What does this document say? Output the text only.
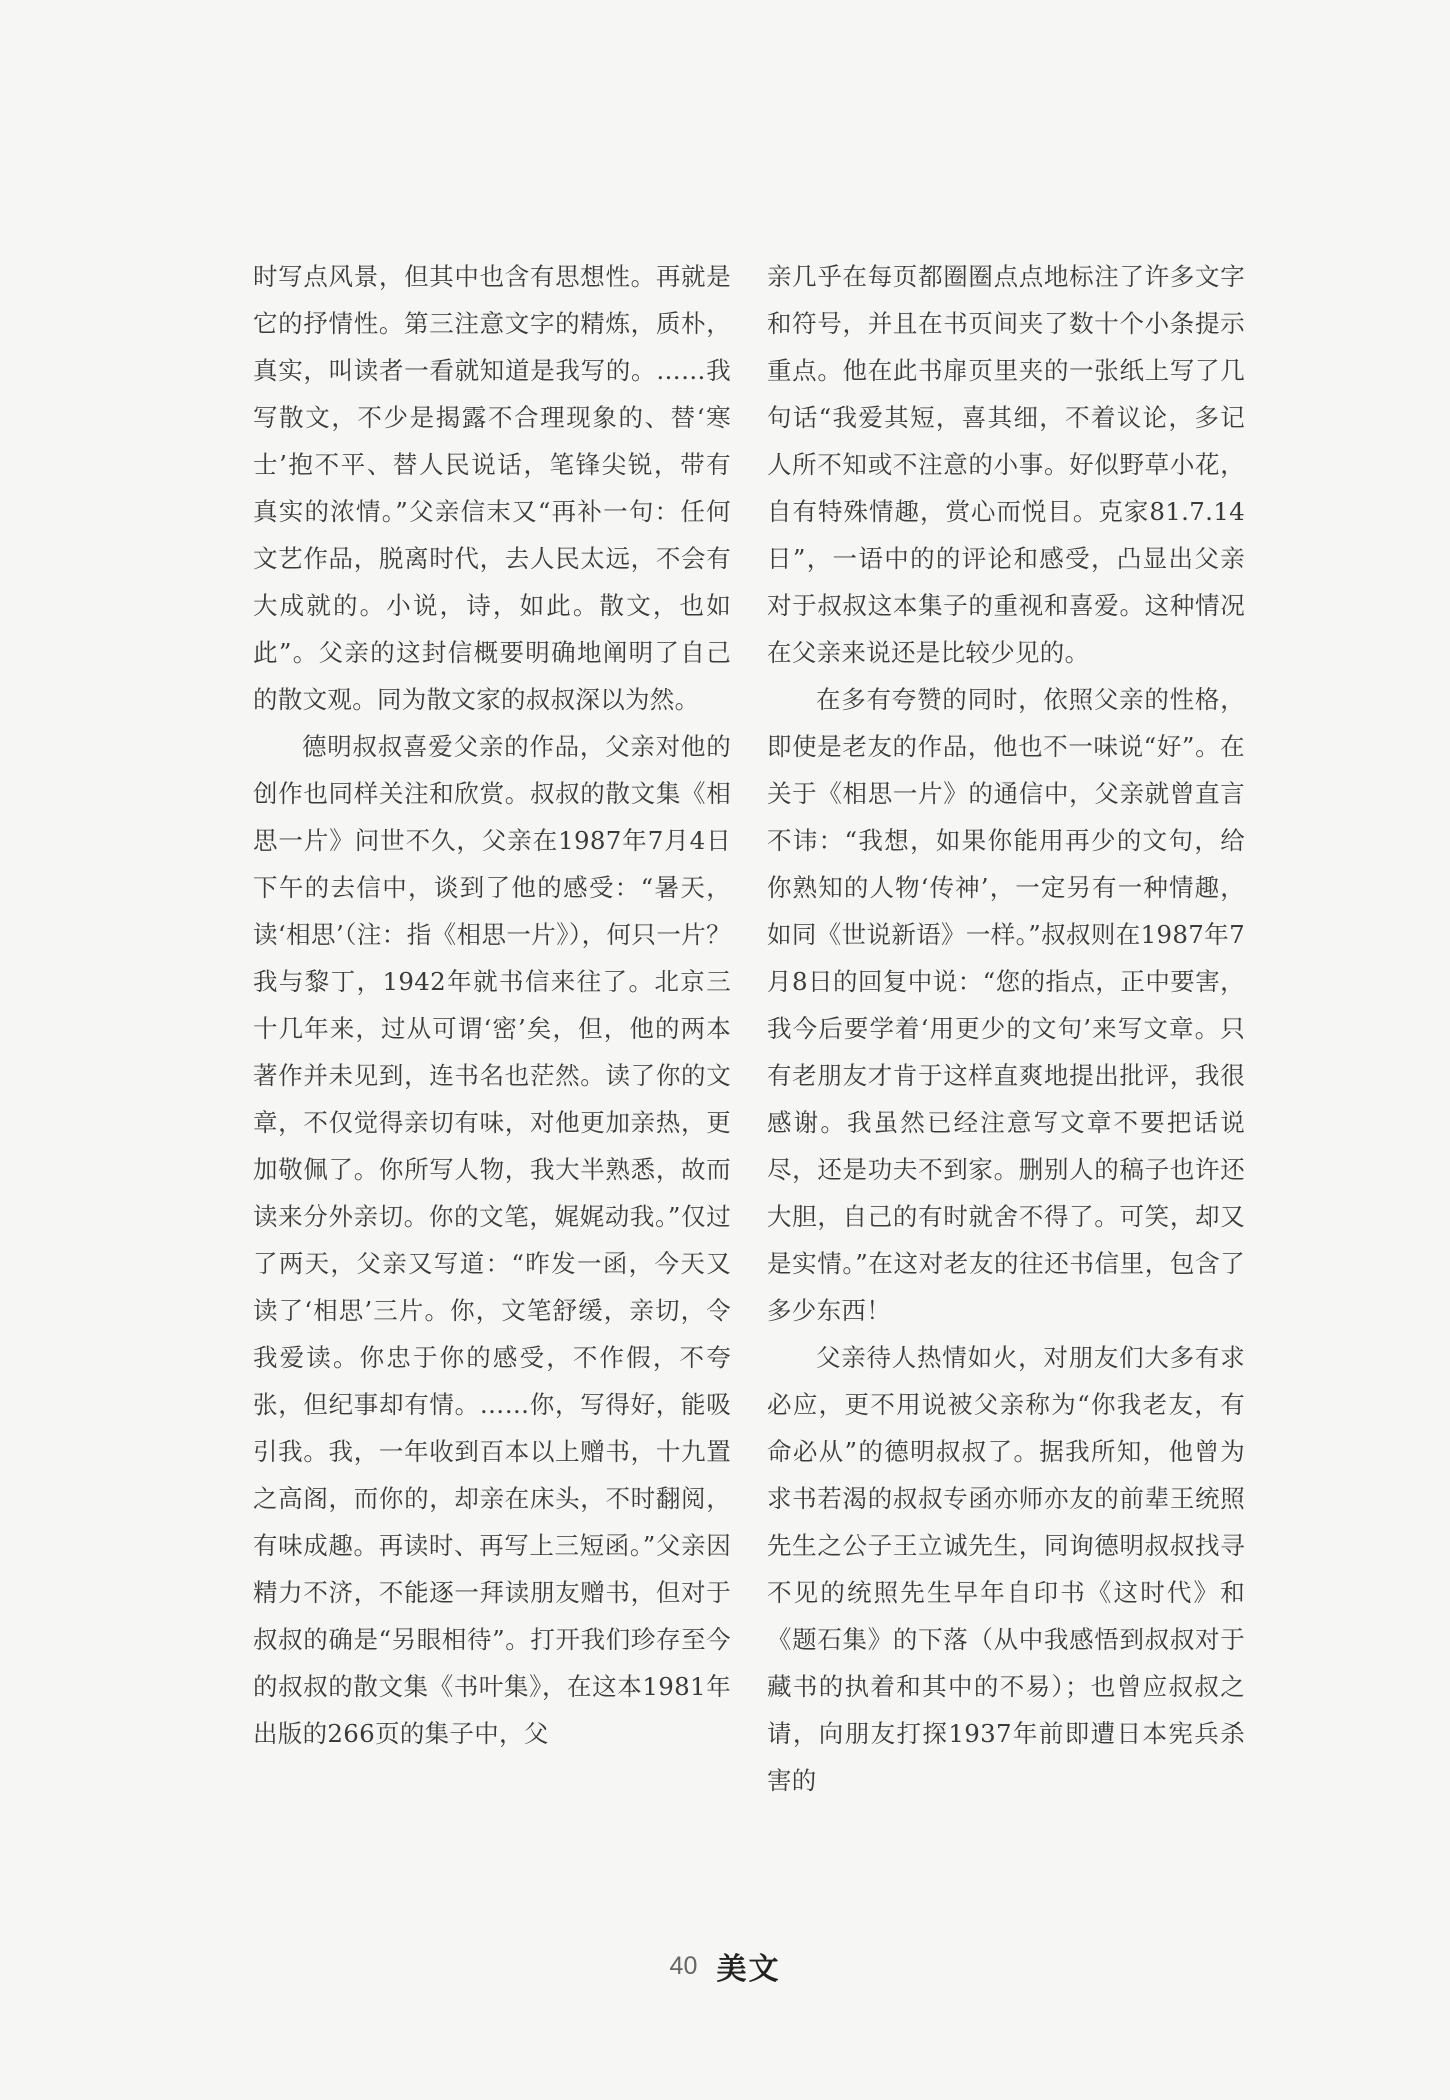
时写点风景，但其中也含有思想性。再就是它的抒情性。第三注意文字的精炼，质朴，真实，叫读者一看就知道是我写的。……我写散文，不少是揭露不合理现象的、替‘寒士’抱不平、替人民说话，笔锋尖锐，带有真实的浓情。”父亲信末又“再补一句：任何文艺作品，脱离时代，去人民太远，不会有大成就的。小说，诗，如此。散文，也如此”。父亲的这封信概要明确地阐明了自己的散文观。同为散文家的叔叔深以为然。

德明叔叔喜爱父亲的作品，父亲对他的创作也同样关注和欣赏。叔叔的散文集《相思一片》问世不久，父亲在1987年7月4日下午的去信中，谈到了他的感受：“暑天，读‘相思’（注：指《相思一片》），何只一片？我与黎丁，1942年就书信来往了。北京三十几年来，过从可谓‘密’矣，但，他的两本著作并未见到，连书名也茫然。读了你的文章，不仅觉得亲切有味，对他更加亲热，更加敬佩了。你所写人物，我大半熟悉，故而读来分外亲切。你的文笔，娓娓动我。”仅过了两天，父亲又写道：“昨发一函，今天又读了‘相思’三片。你，文笔舒缓，亲切，令我爱读。你忠于你的感受，不作假，不夸张，但纪事却有情。……你，写得好，能吸引我。我，一年收到百本以上赠书，十九置之高阁，而你的，却亲在床头，不时翻阅，有味成趣。再读时、再写上三短函。”父亲因精力不济，不能逐一拜读朋友赠书，但对于叔叔的确是“另眼相待”。打开我们珍存至今的叔叔的散文集《书叶集》，在这本1981年出版的266页的集子中，父

亲几乎在每页都圈圈点点地标注了许多文字和符号，并且在书页间夹了数十个小条提示重点。他在此书扉页里夹的一张纸上写了几句话“我爱其短，喜其细，不着议论，多记人所不知或不注意的小事。好似野草小花，自有特殊情趣，赏心而悦目。克家81.7.14日”，一语中的的评论和感受，凸显出父亲对于叔叔这本集子的重视和喜爱。这种情况在父亲来说还是比较少见的。

在多有夸赞的同时，依照父亲的性格，即使是老友的作品，他也不一味说“好”。在关于《相思一片》的通信中，父亲就曾直言不讳：“我想，如果你能用再少的文句，给你熟知的人物‘传神’，一定另有一种情趣，如同《世说新语》一样。”叔叔则在1987年7月8日的回复中说：“您的指点，正中要害，我今后要学着‘用更少的文句’来写文章。只有老朋友才肯于这样直爽地提出批评，我很感谢。我虽然已经注意写文章不要把话说尽，还是功夫不到家。删别人的稿子也许还大胆，自己的有时就舍不得了。可笑，却又是实情。”在这对老友的往还书信里，包含了多少东西！

父亲待人热情如火，对朋友们大多有求必应，更不用说被父亲称为“你我老友，有命必从”的德明叔叔了。据我所知，他曾为求书若渴的叔叔专函亦师亦友的前辈王统照先生之公子王立诚先生，同询德明叔叔找寻不见的统照先生早年自印书《这时代》和《题石集》的下落（从中我感悟到叔叔对于藏书的执着和其中的不易）；也曾应叔叔之请，向朋友打探1937年前即遭日本宪兵杀害的

40 美文
